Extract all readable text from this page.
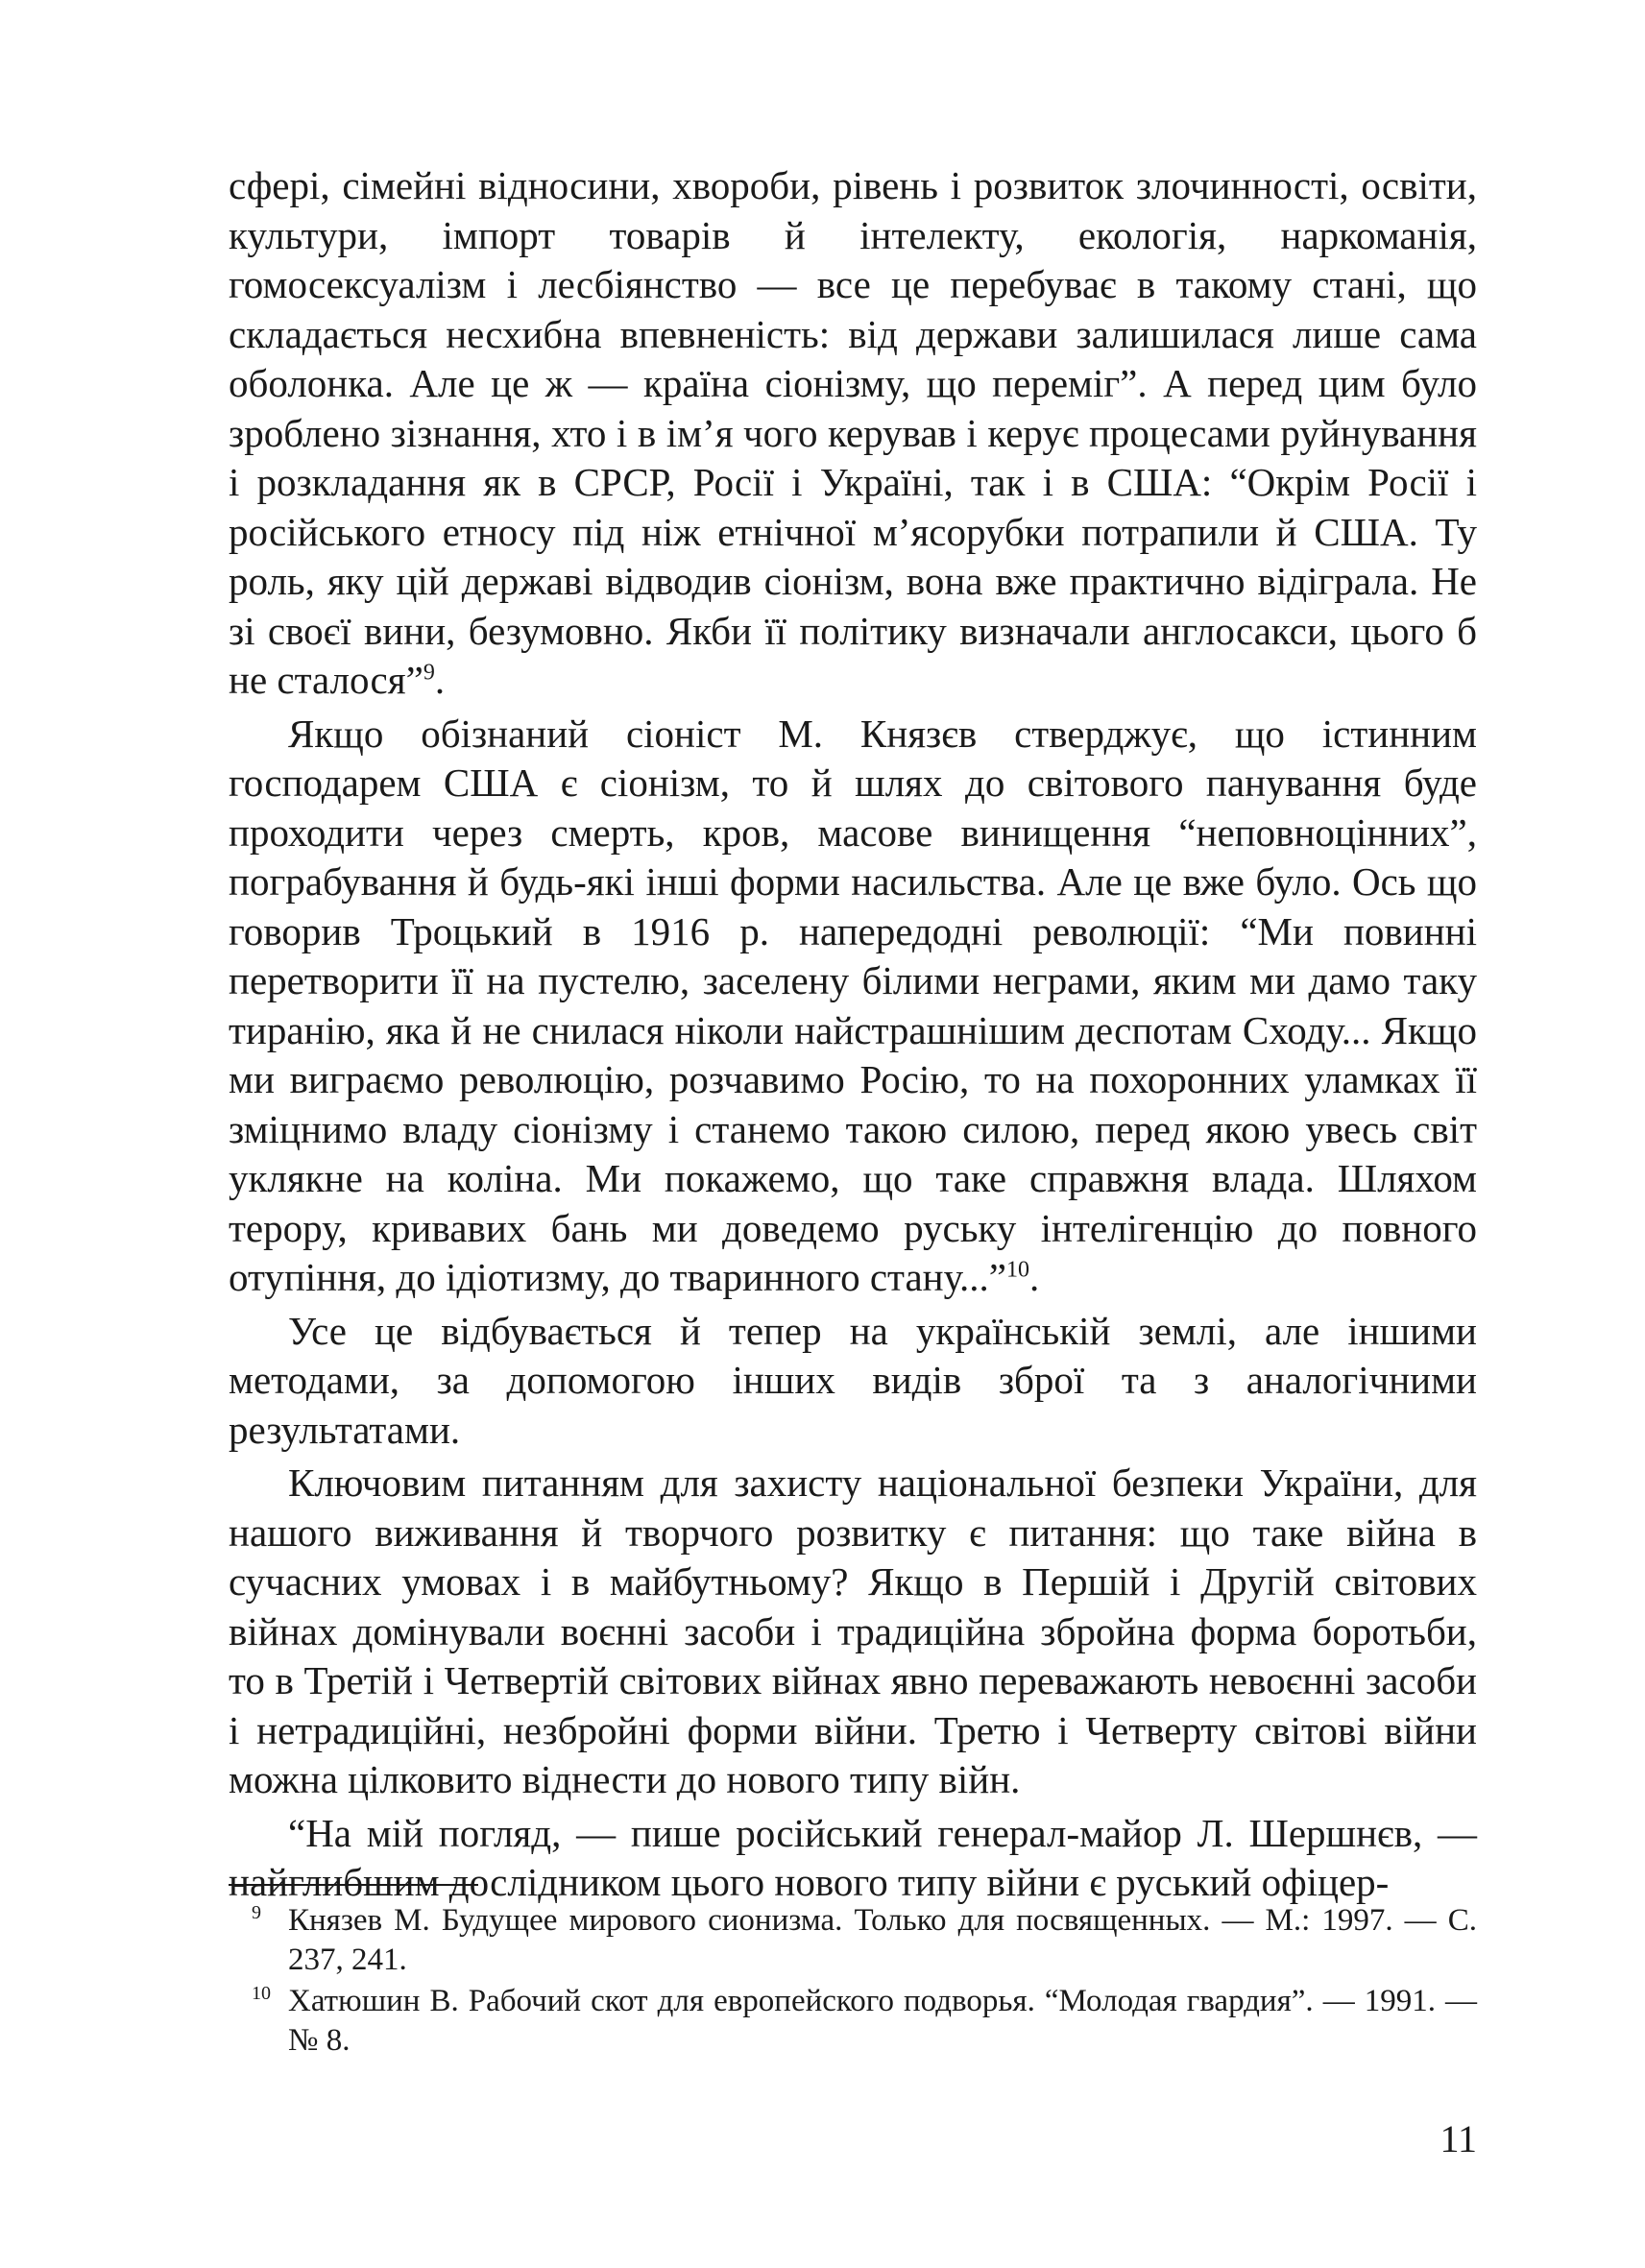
сфері, сімейні відносини, хвороби, рівень і розвиток злочинності, освіти, культури, імпорт товарів й інтелекту, екологія, наркоманія, гомосексуалізм і лесбіянство — все це перебуває в такому стані, що складається несхибна впевненість: від держави залишилася лише сама оболонка. Але це ж — країна сіонізму, що переміг”. А перед цим було зроблено зізнання, хто і в ім’я чого керував і керує процесами руйнування і розкладання як в СРСР, Росії і Україні, так і в США: “Окрім Росії і російського етносу під ніж етнічної м’ясорубки потрапили й США. Ту роль, яку цій державі відводив сіонізм, вона вже практично відіграла. Не зі своєї вини, безумовно. Якби її політику визначали англосакси, цього б не сталося”$^9$.

Якщо обізнаний сіоніст М. Князєв стверджує, що істинним господарем США є сіонізм, то й шлях до світового панування буде проходити через смерть, кров, масове винищення “неповноцінних”, пограбування й будь-які інші форми насильства. Але це вже було. Ось що говорив Троцький в 1916 р. напередодні революції: “Ми повинні перетворити її на пустелю, заселену білими неграми, яким ми дамо таку тиранію, яка й не снилася ніколи найстрашнішим деспотам Сходу... Якщо ми виграємо революцію, розчавимо Росію, то на похоронних уламках її зміцнимо владу сіонізму і станемо такою силою, перед якою увесь світ уклякне на коліна. Ми покажемо, що таке справжня влада. Шляхом терору, кривавих бань ми доведемо руську інтелігенцію до повного отупіння, до ідіотизму, до тваринного стану...”$^{10}$.

Усе це відбувається й тепер на українській землі, але іншими методами, за допомогою інших видів зброї та з аналогічними результатами.

Ключовим питанням для захисту національної безпеки України, для нашого виживання й творчого розвитку є питання: що таке війна в сучасних умовах і в майбутньому? Якщо в Першій і Другій світових війнах домінували воєнні засоби і традиційна збройна форма боротьби, то в Третій і Четвертій світових війнах явно переважають невоєнні засоби і нетрадиційні, незбройні форми війни. Третю і Четверту світові війни можна цілковито віднести до нового типу війн.

“На мій погляд, — пише російський генерал-майор Л. Шершнєв, — найглибшим дослідником цього нового типу війни є руський офіцер-

9 Князев М. Будущее мирового сионизма. Только для посвященных. — М.: 1997. — С. 237, 241.

10 Хатюшин В. Рабочий скот для европейского подворья. “Молодая гвардия”. — 1991. — № 8.

11
